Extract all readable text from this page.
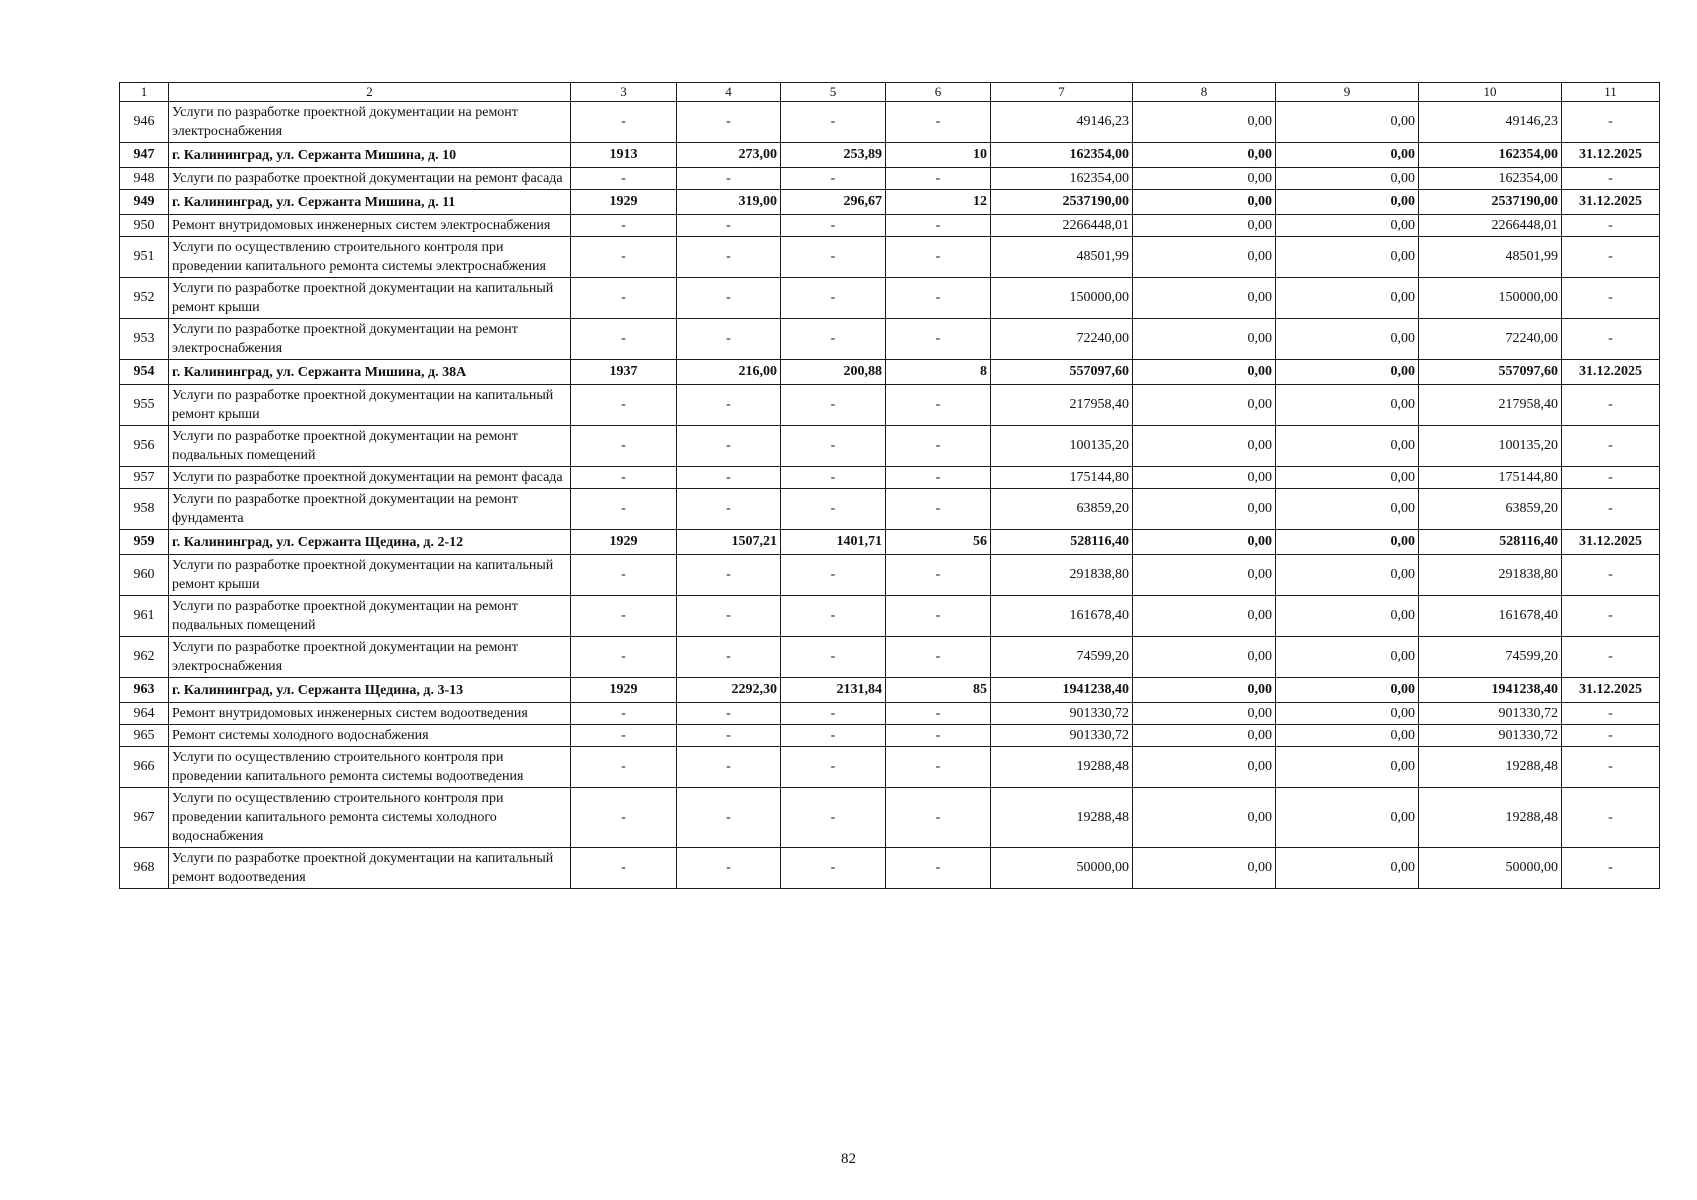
1	2	3	4	5	6	7	8	9	10	11
946	Услуги по разработке проектной документации на ремонт электроснабжения	-	-	-	-	49146,23	0,00	0,00	49146,23	-
947	г. Калининград, ул. Сержанта Мишина, д. 10	1913	273,00	253,89	10	162354,00	0,00	0,00	162354,00	31.12.2025
948	Услуги по разработке проектной документации на ремонт фасада	-	-	-	-	162354,00	0,00	0,00	162354,00	-
949	г. Калининград, ул. Сержанта Мишина, д. 11	1929	319,00	296,67	12	2537190,00	0,00	0,00	2537190,00	31.12.2025
950	Ремонт внутридомовых инженерных систем электроснабжения	-	-	-	-	2266448,01	0,00	0,00	2266448,01	-
951	Услуги по осуществлению строительного контроля при проведении капитального ремонта системы электроснабжения	-	-	-	-	48501,99	0,00	0,00	48501,99	-
952	Услуги по разработке проектной документации на капитальный ремонт крыши	-	-	-	-	150000,00	0,00	0,00	150000,00	-
953	Услуги по разработке проектной документации на ремонт электроснабжения	-	-	-	-	72240,00	0,00	0,00	72240,00	-
954	г. Калининград, ул. Сержанта Мишина, д. 38А	1937	216,00	200,88	8	557097,60	0,00	0,00	557097,60	31.12.2025
955	Услуги по разработке проектной документации на капитальный ремонт крыши	-	-	-	-	217958,40	0,00	0,00	217958,40	-
956	Услуги по разработке проектной документации на ремонт подвальных помещений	-	-	-	-	100135,20	0,00	0,00	100135,20	-
957	Услуги по разработке проектной документации на ремонт фасада	-	-	-	-	175144,80	0,00	0,00	175144,80	-
958	Услуги по разработке проектной документации на ремонт фундамента	-	-	-	-	63859,20	0,00	0,00	63859,20	-
959	г. Калининград, ул. Сержанта Щедина, д. 2-12	1929	1507,21	1401,71	56	528116,40	0,00	0,00	528116,40	31.12.2025
960	Услуги по разработке проектной документации на капитальный ремонт крыши	-	-	-	-	291838,80	0,00	0,00	291838,80	-
961	Услуги по разработке проектной документации на ремонт подвальных помещений	-	-	-	-	161678,40	0,00	0,00	161678,40	-
962	Услуги по разработке проектной документации на ремонт электроснабжения	-	-	-	-	74599,20	0,00	0,00	74599,20	-
963	г. Калининград, ул. Сержанта Щедина, д. 3-13	1929	2292,30	2131,84	85	1941238,40	0,00	0,00	1941238,40	31.12.2025
964	Ремонт внутридомовых инженерных систем водоотведения	-	-	-	-	901330,72	0,00	0,00	901330,72	-
965	Ремонт системы холодного водоснабжения	-	-	-	-	901330,72	0,00	0,00	901330,72	-
966	Услуги по осуществлению строительного контроля при проведении капитального ремонта системы водоотведения	-	-	-	-	19288,48	0,00	0,00	19288,48	-
967	Услуги по осуществлению строительного контроля при проведении капитального ремонта системы холодного водоснабжения	-	-	-	-	19288,48	0,00	0,00	19288,48	-
968	Услуги по разработке проектной документации на капитальный ремонт водоотведения	-	-	-	-	50000,00	0,00	0,00	50000,00	-
82
